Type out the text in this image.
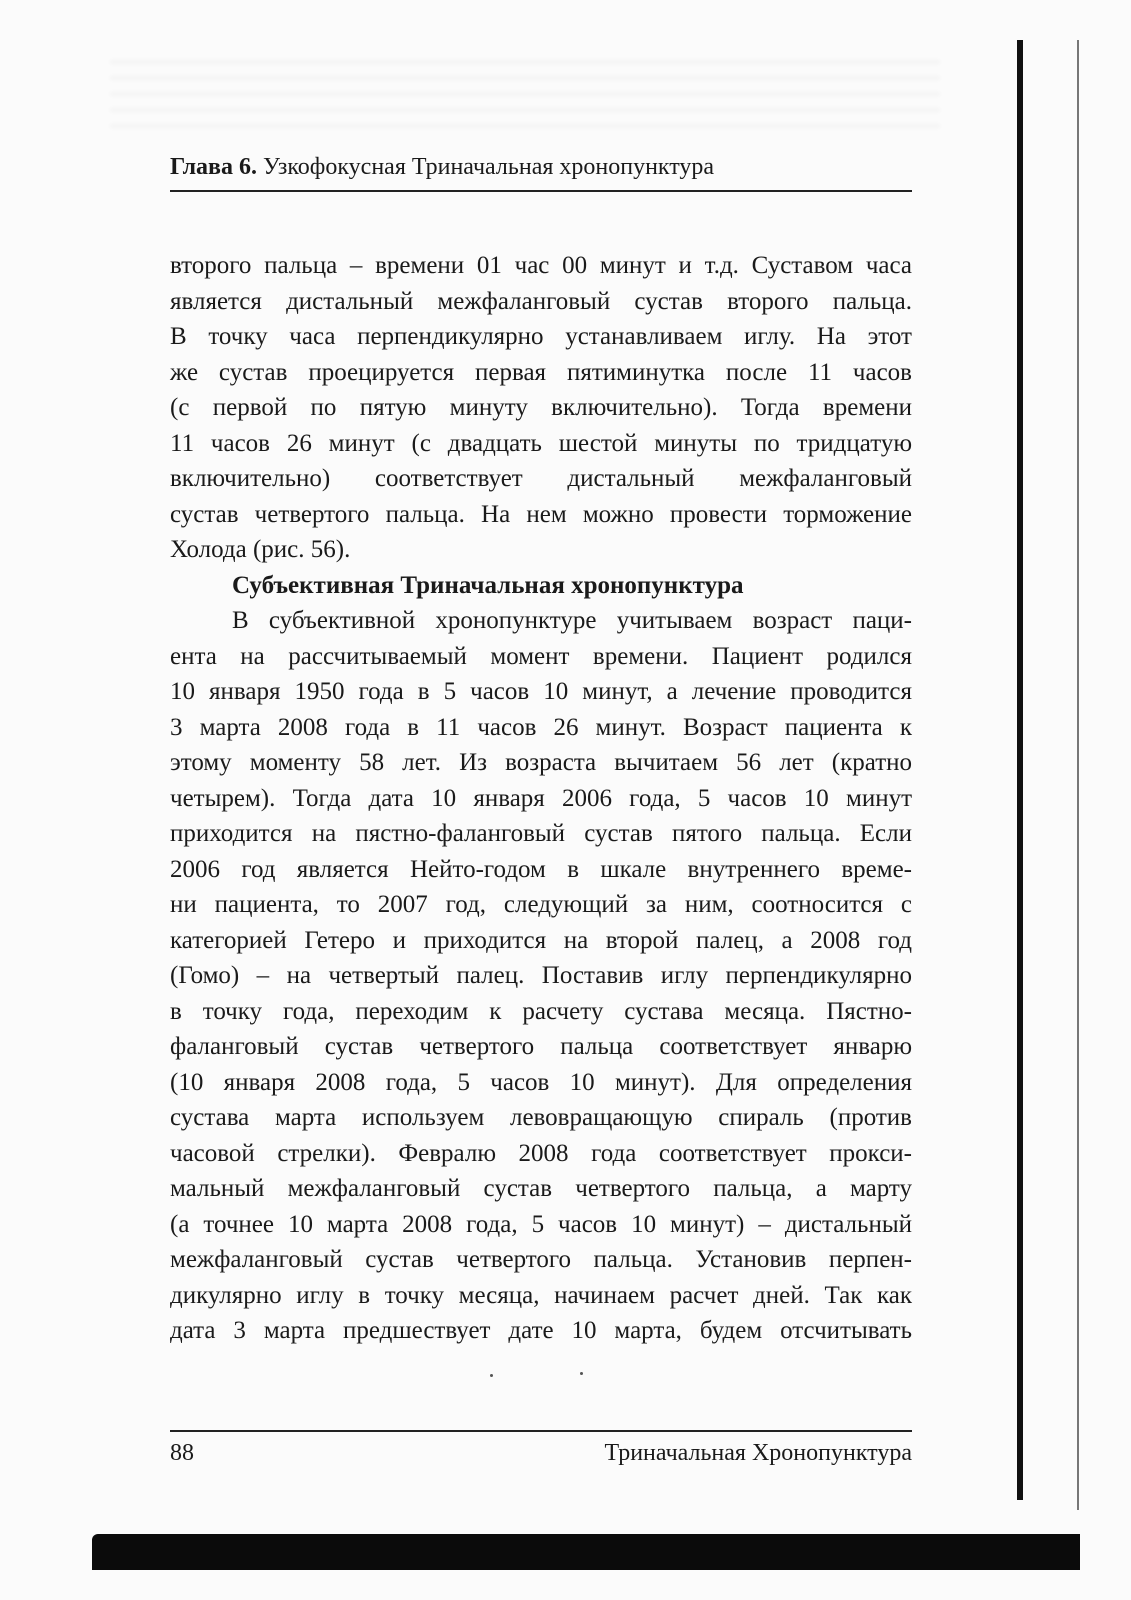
Глава 6. Узкофокусная Триначальная хронопунктура
второго пальца – времени 01 час 00 минут и т.д. Суставом часа
является дистальный межфаланговый сустав второго пальца.
В точку часа перпендикулярно устанавливаем иглу. На этот
же сустав проецируется первая пятиминутка после 11 часов
(с первой по пятую минуту включительно). Тогда времени
11 часов 26 минут (с двадцать шестой минуты по тридцатую
включительно) соответствует дистальный межфаланговый
сустав четвертого пальца. На нем можно провести торможение
Холода (рис. 56).
Субъективная Триначальная хронопунктура
В субъективной хронопунктуре учитываем возраст паци-
ента на рассчитываемый момент времени. Пациент родился
10 января 1950 года в 5 часов 10 минут, а лечение проводится
3 марта 2008 года в 11 часов 26 минут. Возраст пациента к
этому моменту 58 лет. Из возраста вычитаем 56 лет (кратно
четырем). Тогда дата 10 января 2006 года, 5 часов 10 минут
приходится на пястно-фаланговый сустав пятого пальца. Если
2006 год является Нейто-годом в шкале внутреннего време-
ни пациента, то 2007 год, следующий за ним, соотносится с
категорией Гетеро и приходится на второй палец, а 2008 год
(Гомо) – на четвертый палец. Поставив иглу перпендикулярно
в точку года, переходим к расчету сустава месяца. Пястно-
фаланговый сустав четвертого пальца соответствует январю
(10 января 2008 года, 5 часов 10 минут). Для определения
сустава марта используем левовращающую спираль (против
часовой стрелки). Февралю 2008 года соответствует прокси-
мальный межфаланговый сустав четвертого пальца, а марту
(а точнее 10 марта 2008 года, 5 часов 10 минут) – дистальный
межфаланговый сустав четвертого пальца. Установив перпен-
дикулярно иглу в точку месяца, начинаем расчет дней. Так как
дата 3 марта предшествует дате 10 марта, будем отсчитывать
88	Триначальная Хронопунктура
